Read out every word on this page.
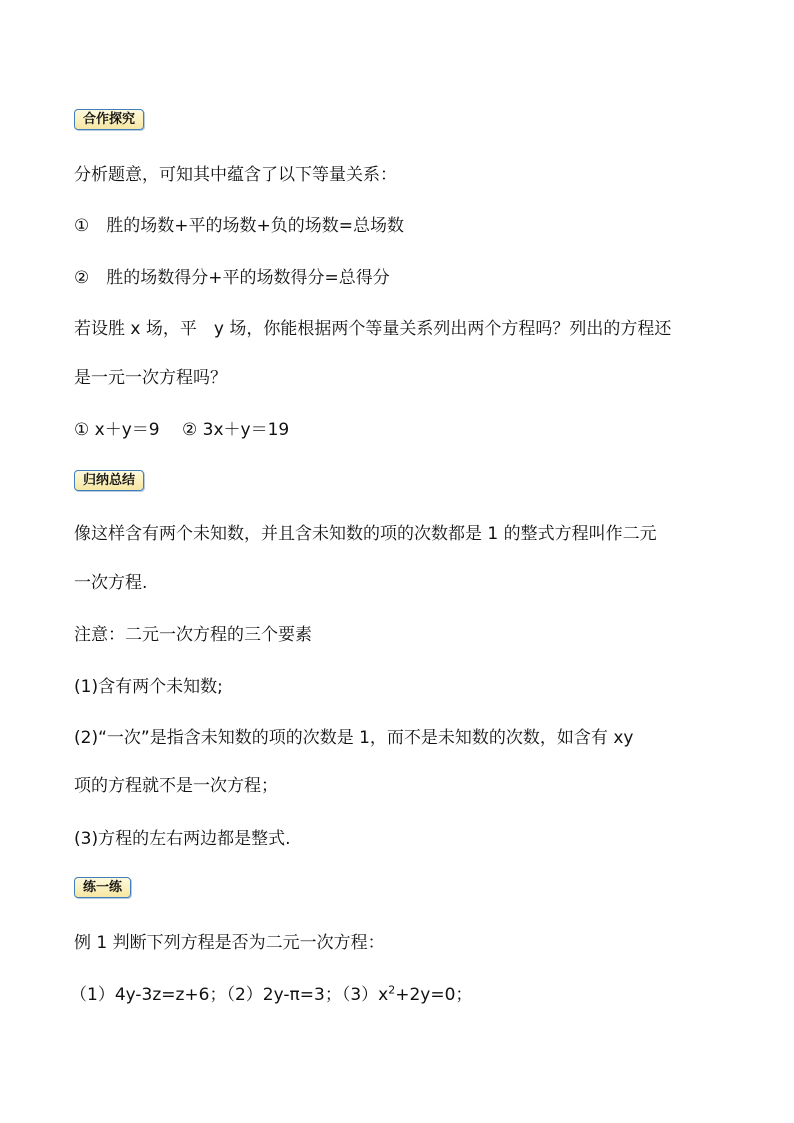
合作探究
分析题意，可知其中蕴含了以下等量关系：
①　胜的场数+平的场数+负的场数=总场数
②　胜的场数得分+平的场数得分=总得分
若设胜 x 场，平　y 场，你能根据两个等量关系列出两个方程吗？列出的方程还
是一元一次方程吗？
① x＋y＝9 　② 3x＋y＝19
归纳总结
像这样含有两个未知数，并且含未知数的项的次数都是 1 的整式方程叫作二元
一次方程.
注意：二元一次方程的三个要素
(1)含有两个未知数;
(2)“一次”是指含未知数的项的次数是 1，而不是未知数的次数，如含有 xy
项的方程就不是一次方程；
(3)方程的左右两边都是整式.
练一练
例 1 判断下列方程是否为二元一次方程：
（1）4y-3z=z+6；（2）2y-π=3；$(3)x^2+2y=0$；
